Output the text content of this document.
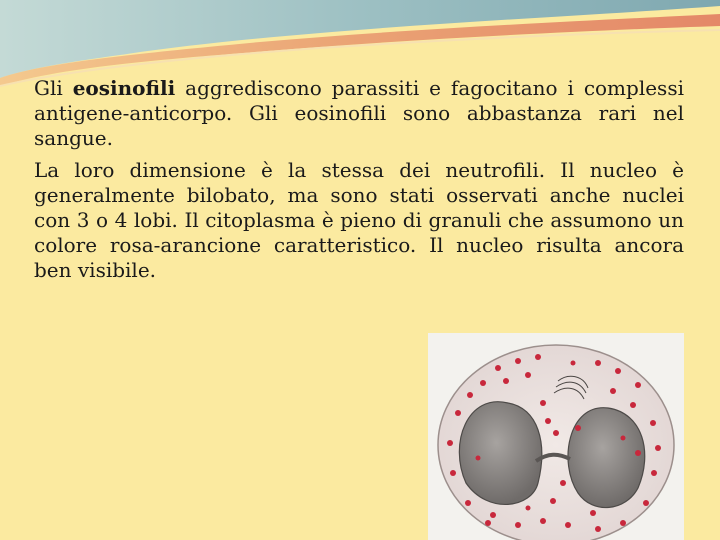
Gli eosinofili aggrediscono parassiti e fagocitano i complessi antigene-anticorpo. Gli eosinofili sono abbastanza rari nel sangue.

La loro dimensione è la stessa dei neutrofili. Il nucleo è generalmente bilobato, ma sono stati osservati anche nuclei con 3 o 4 lobi. Il citoplasma è pieno di granuli che assumono un colore rosa-arancione caratteristico. Il nucleo risulta ancora ben visibile.
